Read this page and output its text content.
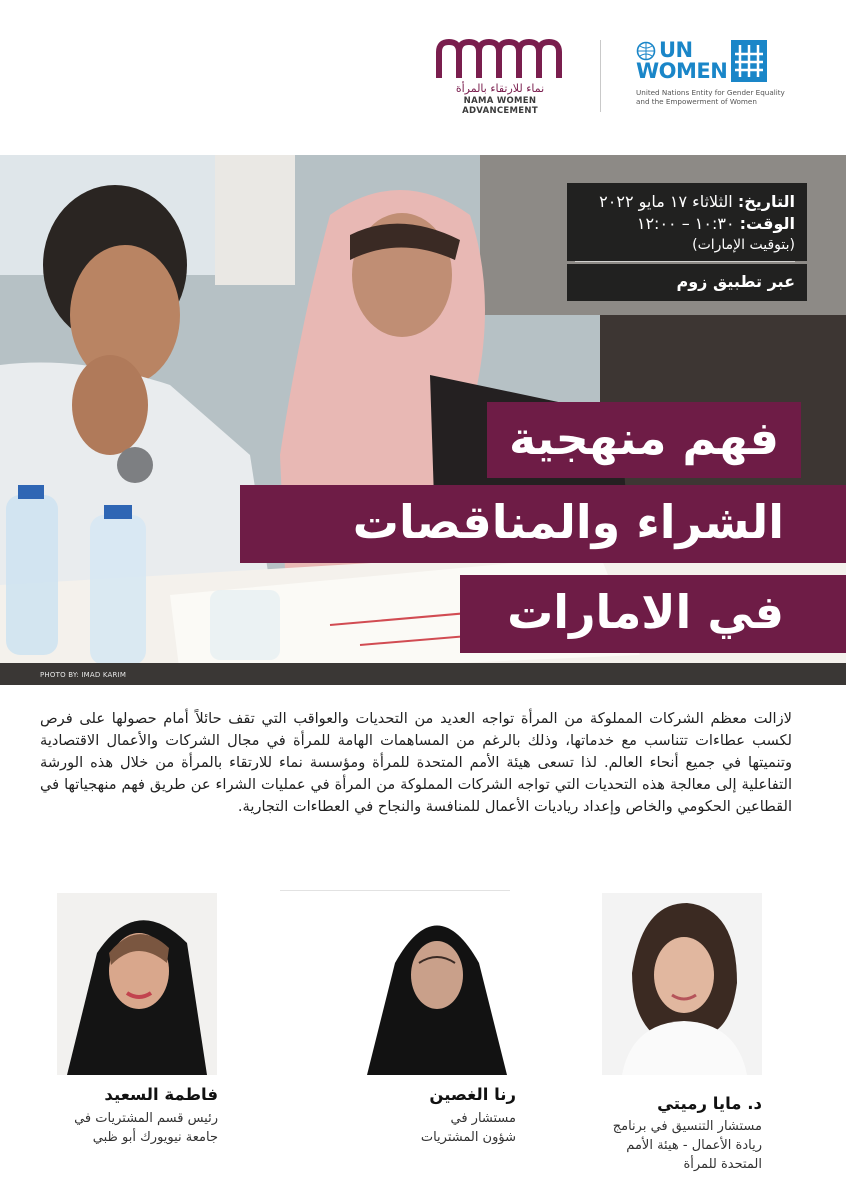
نماء للارتقاء بالمرأة
NAMA WOMEN ADVANCEMENT
UN
WOMEN
United Nations Entity for Gender Equality
and the Empowerment of Women
التاريخ: الثلاثاء ١٧ مايو ٢٠٢٢
الوقت: ١٠:٣٠ – ١٢:٠٠
(بتوقيت الإمارات)
عبر تطبيق زوم
فهم منهجية
الشراء والمناقصات
في الامارات
PHOTO BY: IMAD KARIM
لازالت معظم الشركات المملوكة من المرأة تواجه العديد من التحديات والعواقب التي تقف حائلاً أمام حصولها على فرص لكسب عطاءات تتناسب مع خدماتها، وذلك بالرغم من المساهمات الهامة للمرأة في مجال الشركات والأعمال الاقتصادية وتنميتها في جميع أنحاء العالم. لذا تسعى هيئة الأمم المتحدة للمرأة ومؤسسة نماء للارتقاء بالمرأة من خلال هذه الورشة التفاعلية إلى معالجة هذه التحديات التي تواجه الشركات المملوكة من المرأة في عمليات الشراء عن طريق فهم منهجياتها في القطاعين الحكومي والخاص وإعداد رياديات الأعمال للمنافسة والنجاح في العطاءات التجارية.
فاطمة السعيد
رئيس قسم المشتريات في
جامعة نيويورك أبو ظبي
رنا الغصين
مستشار في
شؤون المشتريات
د. مايا رميتي
مستشار التنسيق في برنامج
ريادة الأعمال - هيئة الأمم
المتحدة للمرأة
